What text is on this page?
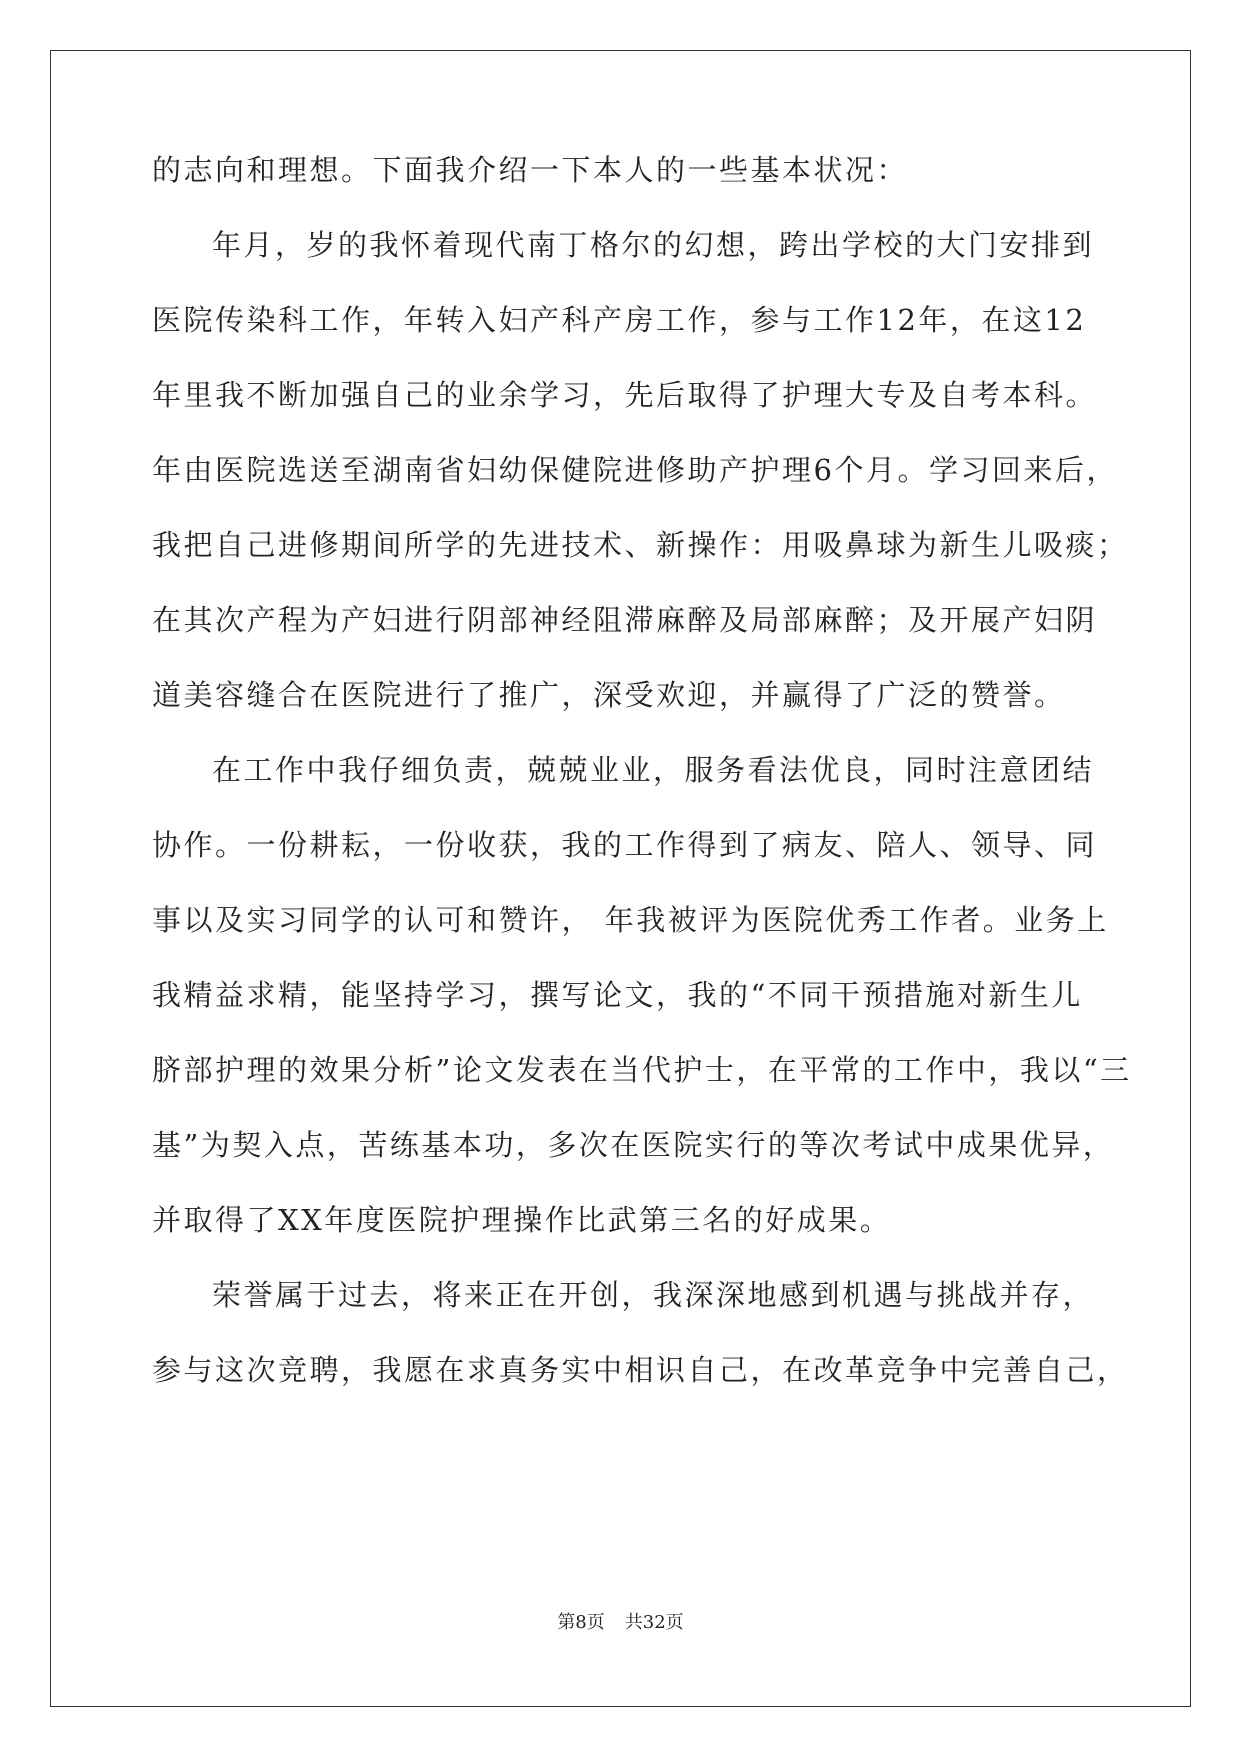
的志向和理想。下面我介绍一下本人的一些基本状况：
年月，岁的我怀着现代南丁格尔的幻想，跨出学校的大门安排到
医院传染科工作，年转入妇产科产房工作，参与工作12年，在这12
年里我不断加强自己的业余学习，先后取得了护理大专及自考本科。
年由医院选送至湖南省妇幼保健院进修助产护理6个月。学习回来后，
我把自己进修期间所学的先进技术、新操作：用吸鼻球为新生儿吸痰；
在其次产程为产妇进行阴部神经阻滞麻醉及局部麻醉；及开展产妇阴
道美容缝合在医院进行了推广，深受欢迎，并赢得了广泛的赞誉。
在工作中我仔细负责，兢兢业业，服务看法优良，同时注意团结
协作。一份耕耘，一份收获，我的工作得到了病友、陪人、领导、同
事以及实习同学的认可和赞许， 年我被评为医院优秀工作者。业务上
我精益求精，能坚持学习，撰写论文，我的“不同干预措施对新生儿
脐部护理的效果分析”论文发表在当代护士，在平常的工作中，我以“三
基”为契入点，苦练基本功，多次在医院实行的等次考试中成果优异，
并取得了XX年度医院护理操作比武第三名的好成果。
荣誉属于过去，将来正在开创，我深深地感到机遇与挑战并存，
参与这次竞聘，我愿在求真务实中相识自己，在改革竞争中完善自己，
第8页 共32页
